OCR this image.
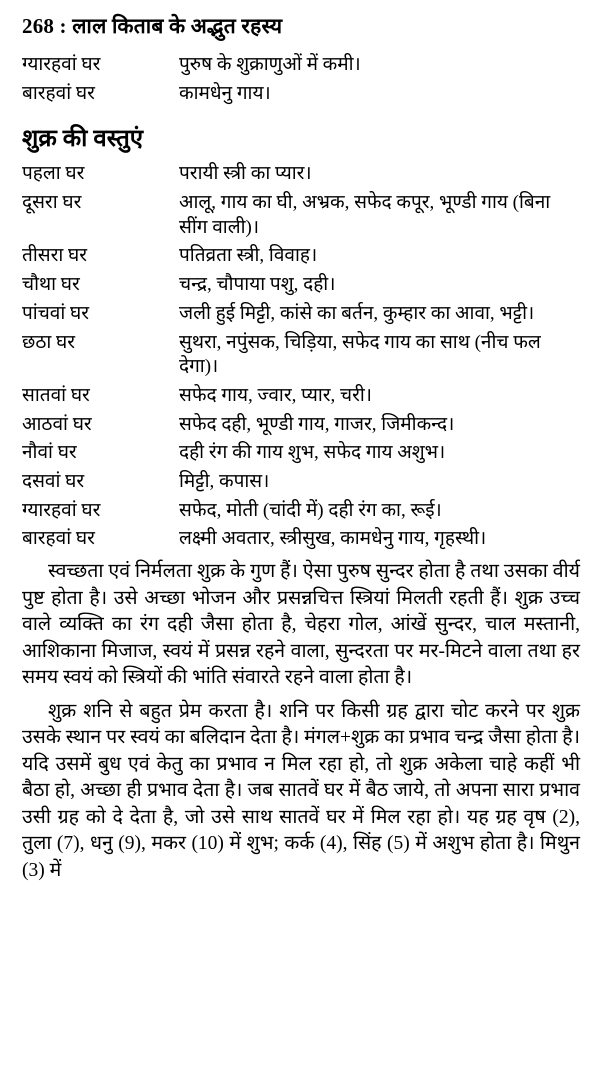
268 : लाल किताब के अद्भुत रहस्य
ग्यारहवां घर	पुरुष के शुक्राणुओं में कमी।
बारहवां घर	कामधेनु गाय।
शुक्र की वस्तुएं
पहला घर	परायी स्त्री का प्यार।
दूसरा घर	आलू, गाय का घी, अभ्रक, सफेद कपूर, भूण्डी गाय (बिना सींग वाली)।
तीसरा घर	पतिव्रता स्त्री, विवाह।
चौथा घर	चन्द्र, चौपाया पशु, दही।
पांचवां घर	जली हुई मिट्टी, कांसे का बर्तन, कुम्हार का आवा, भट्टी।
छठा घर	सुथरा, नपुंसक, चिड़िया, सफेद गाय का साथ (नीच फल देगा)।
सातवां घर	सफेद गाय, ज्वार, प्यार, चरी।
आठवां घर	सफेद दही, भूण्डी गाय, गाजर, जिमीकन्द।
नौवां घर	दही रंग की गाय शुभ, सफेद गाय अशुभ।
दसवां घर	मिट्टी, कपास।
ग्यारहवां घर	सफेद, मोती (चांदी में) दही रंग का, रूई।
बारहवां घर	लक्ष्मी अवतार, स्त्रीसुख, कामधेनु गाय, गृहस्थी।

स्वच्छता एवं निर्मलता शुक्र के गुण हैं। ऐसा पुरुष सुन्दर होता है तथा उसका वीर्य पुष्ट होता है। उसे अच्छा भोजन और प्रसन्नचित्त स्त्रियां मिलती रहती हैं। शुक्र उच्च वाले व्यक्ति का रंग दही जैसा होता है, चेहरा गोल, आंखें सुन्दर, चाल मस्तानी, आशिकाना मिजाज, स्वयं में प्रसन्न रहने वाला, सुन्दरता पर मर-मिटने वाला तथा हर समय स्वयं को स्त्रियों की भांति संवारते रहने वाला होता है।

शुक्र शनि से बहुत प्रेम करता है। शनि पर किसी ग्रह द्वारा चोट करने पर शुक्र उसके स्थान पर स्वयं का बलिदान देता है। मंगल+शुक्र का प्रभाव चन्द्र जैसा होता है। यदि उसमें बुध एवं केतु का प्रभाव न मिल रहा हो, तो शुक्र अकेला चाहे कहीं भी बैठा हो, अच्छा ही प्रभाव देता है। जब सातवें घर में बैठ जाये, तो अपना सारा प्रभाव उसी ग्रह को दे देता है, जो उसे साथ सातवें घर में मिल रहा हो। यह ग्रह वृष (2), तुला (7), धनु (9), मकर (10) में शुभ; कर्क (4), सिंह (5) में अशुभ होता है। मिथुन (3) में
